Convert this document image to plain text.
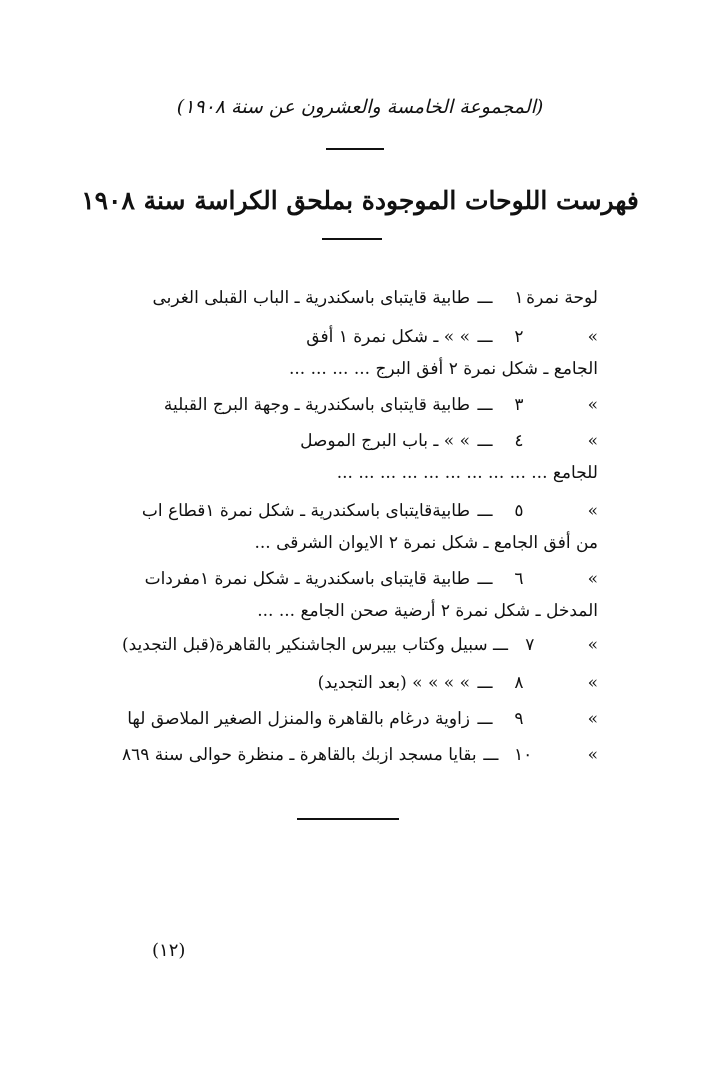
(المجموعة الخامسة والعشرون عن سنة ١٩٠٨)
فهرست اللوحات الموجودة بملحق الكراسة سنة ١٩٠٨
لوحة نمرة
١
ـــ
طابية قايتباى باسكندرية ـ الباب القبلى الغربى
»
٢
ـــ
» » ـ شكل نمرة ١ أفق
الجامع ـ شكل نمرة ٢ أفق البرج ... ... ... ...
»
٣
ـــ
طابية قايتباى باسكندرية ـ وجهة البرج القبلية
»
٤
ـــ
» » ـ باب البرج الموصل
للجامع ... ... ... ... ... ... ... ... ... ...
»
٥
ـــ
طابيةقايتباى باسكندرية ـ شكل نمرة ١قطاع اب
من أفق الجامع ـ شكل نمرة ٢ الايوان الشرقى ...
»
٦
ـــ
طابية قايتباى باسكندرية ـ شكل نمرة ١مفردات
المدخل ـ شكل نمرة ٢ أرضية صحن الجامع ... ...
»
٧
ـــ
سبيل وكتاب بيبرس الجاشنكير بالقاهرة(قبل التجديد)
»
٨
ـــ
» » » » (بعد التجديد)
»
٩
ـــ
زاوية درغام بالقاهرة والمنزل الصغير الملاصق لها
»
١٠
ـــ
بقايا مسجد ازبك بالقاهرة ـ منظرة حوالى سنة ٨٦٩
(١٢)
